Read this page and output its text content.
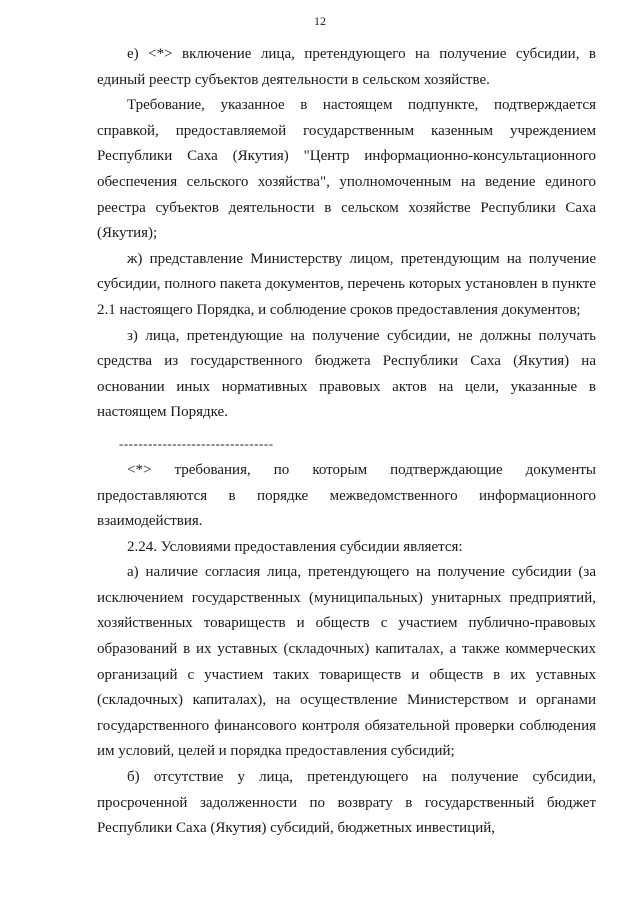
12

е) <*> включение лица, претендующего на получение субсидии, в единый реестр субъектов деятельности в сельском хозяйстве.

Требование, указанное в настоящем подпункте, подтверждается справкой, предоставляемой государственным казенным учреждением Республики Саха (Якутия) "Центр информационно-консультационного обеспечения сельского хозяйства", уполномоченным на ведение единого реестра субъектов деятельности в сельском хозяйстве Республики Саха (Якутия);

ж) представление Министерству лицом, претендующим на получение субсидии, полного пакета документов, перечень которых установлен в пункте 2.1 настоящего Порядка, и соблюдение сроков предоставления документов;

з) лица, претендующие на получение субсидии, не должны получать средства из государственного бюджета Республики Саха (Якутия) на основании иных нормативных правовых актов на цели, указанные в настоящем Порядке.

--------------------------------

<*> требования, по которым подтверждающие документы предоставляются в порядке межведомственного информационного взаимодействия.

2.24. Условиями предоставления субсидии является:

а) наличие согласия лица, претендующего на получение субсидии (за исключением государственных (муниципальных) унитарных предприятий, хозяйственных товариществ и обществ с участием публично-правовых образований в их уставных (складочных) капиталах, а также коммерческих организаций с участием таких товариществ и обществ в их уставных (складочных) капиталах), на осуществление Министерством и органами государственного финансового контроля обязательной проверки соблюдения им условий, целей и порядка предоставления субсидий;

б) отсутствие у лица, претендующего на получение субсидии, просроченной задолженности по возврату в государственный бюджет Республики Саха (Якутия) субсидий, бюджетных инвестиций,
